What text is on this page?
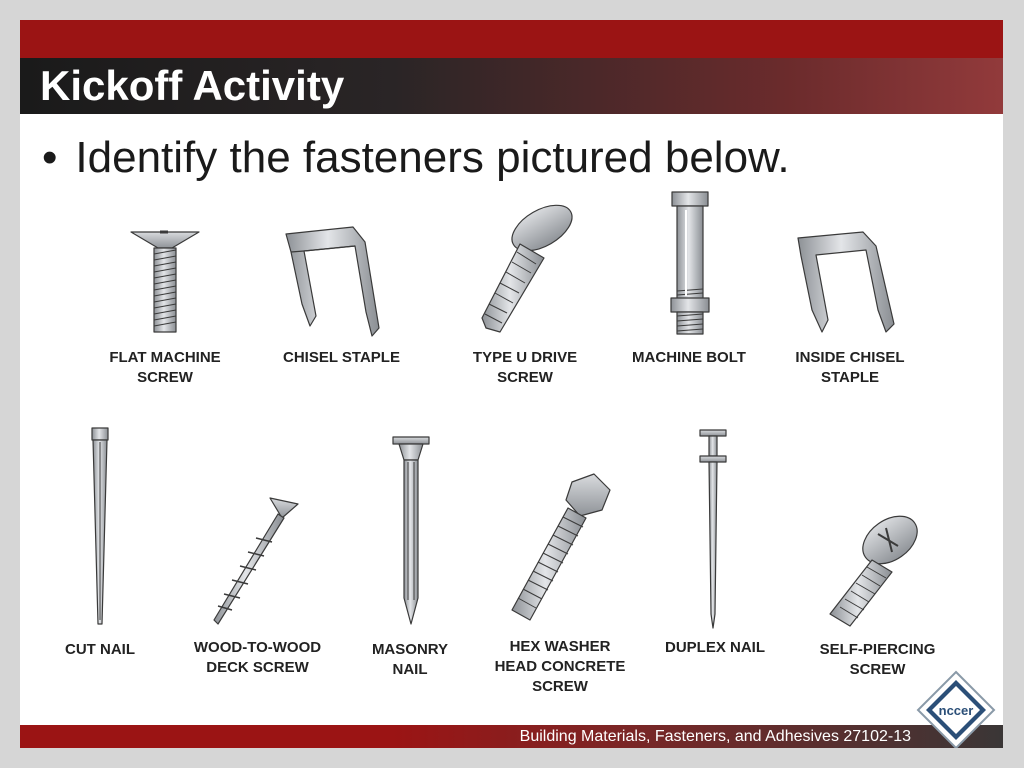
Kickoff Activity
• Identify the fasteners pictured below.
FLAT MACHINE
SCREW
CHISEL STAPLE	TYPE U DRIVE
SCREW
MACHINE BOLT	INSIDE CHISEL
STAPLE
CUT NAIL	WOOD-TO-WOOD
DECK SCREW
MASONRY
NAIL
HEX WASHER
HEAD CONCRETE
SCREW
DUPLEX NAIL	SELF-PIERCING
SCREW
Building Materials, Fasteners, and Adhesives 27102-13
nccer
